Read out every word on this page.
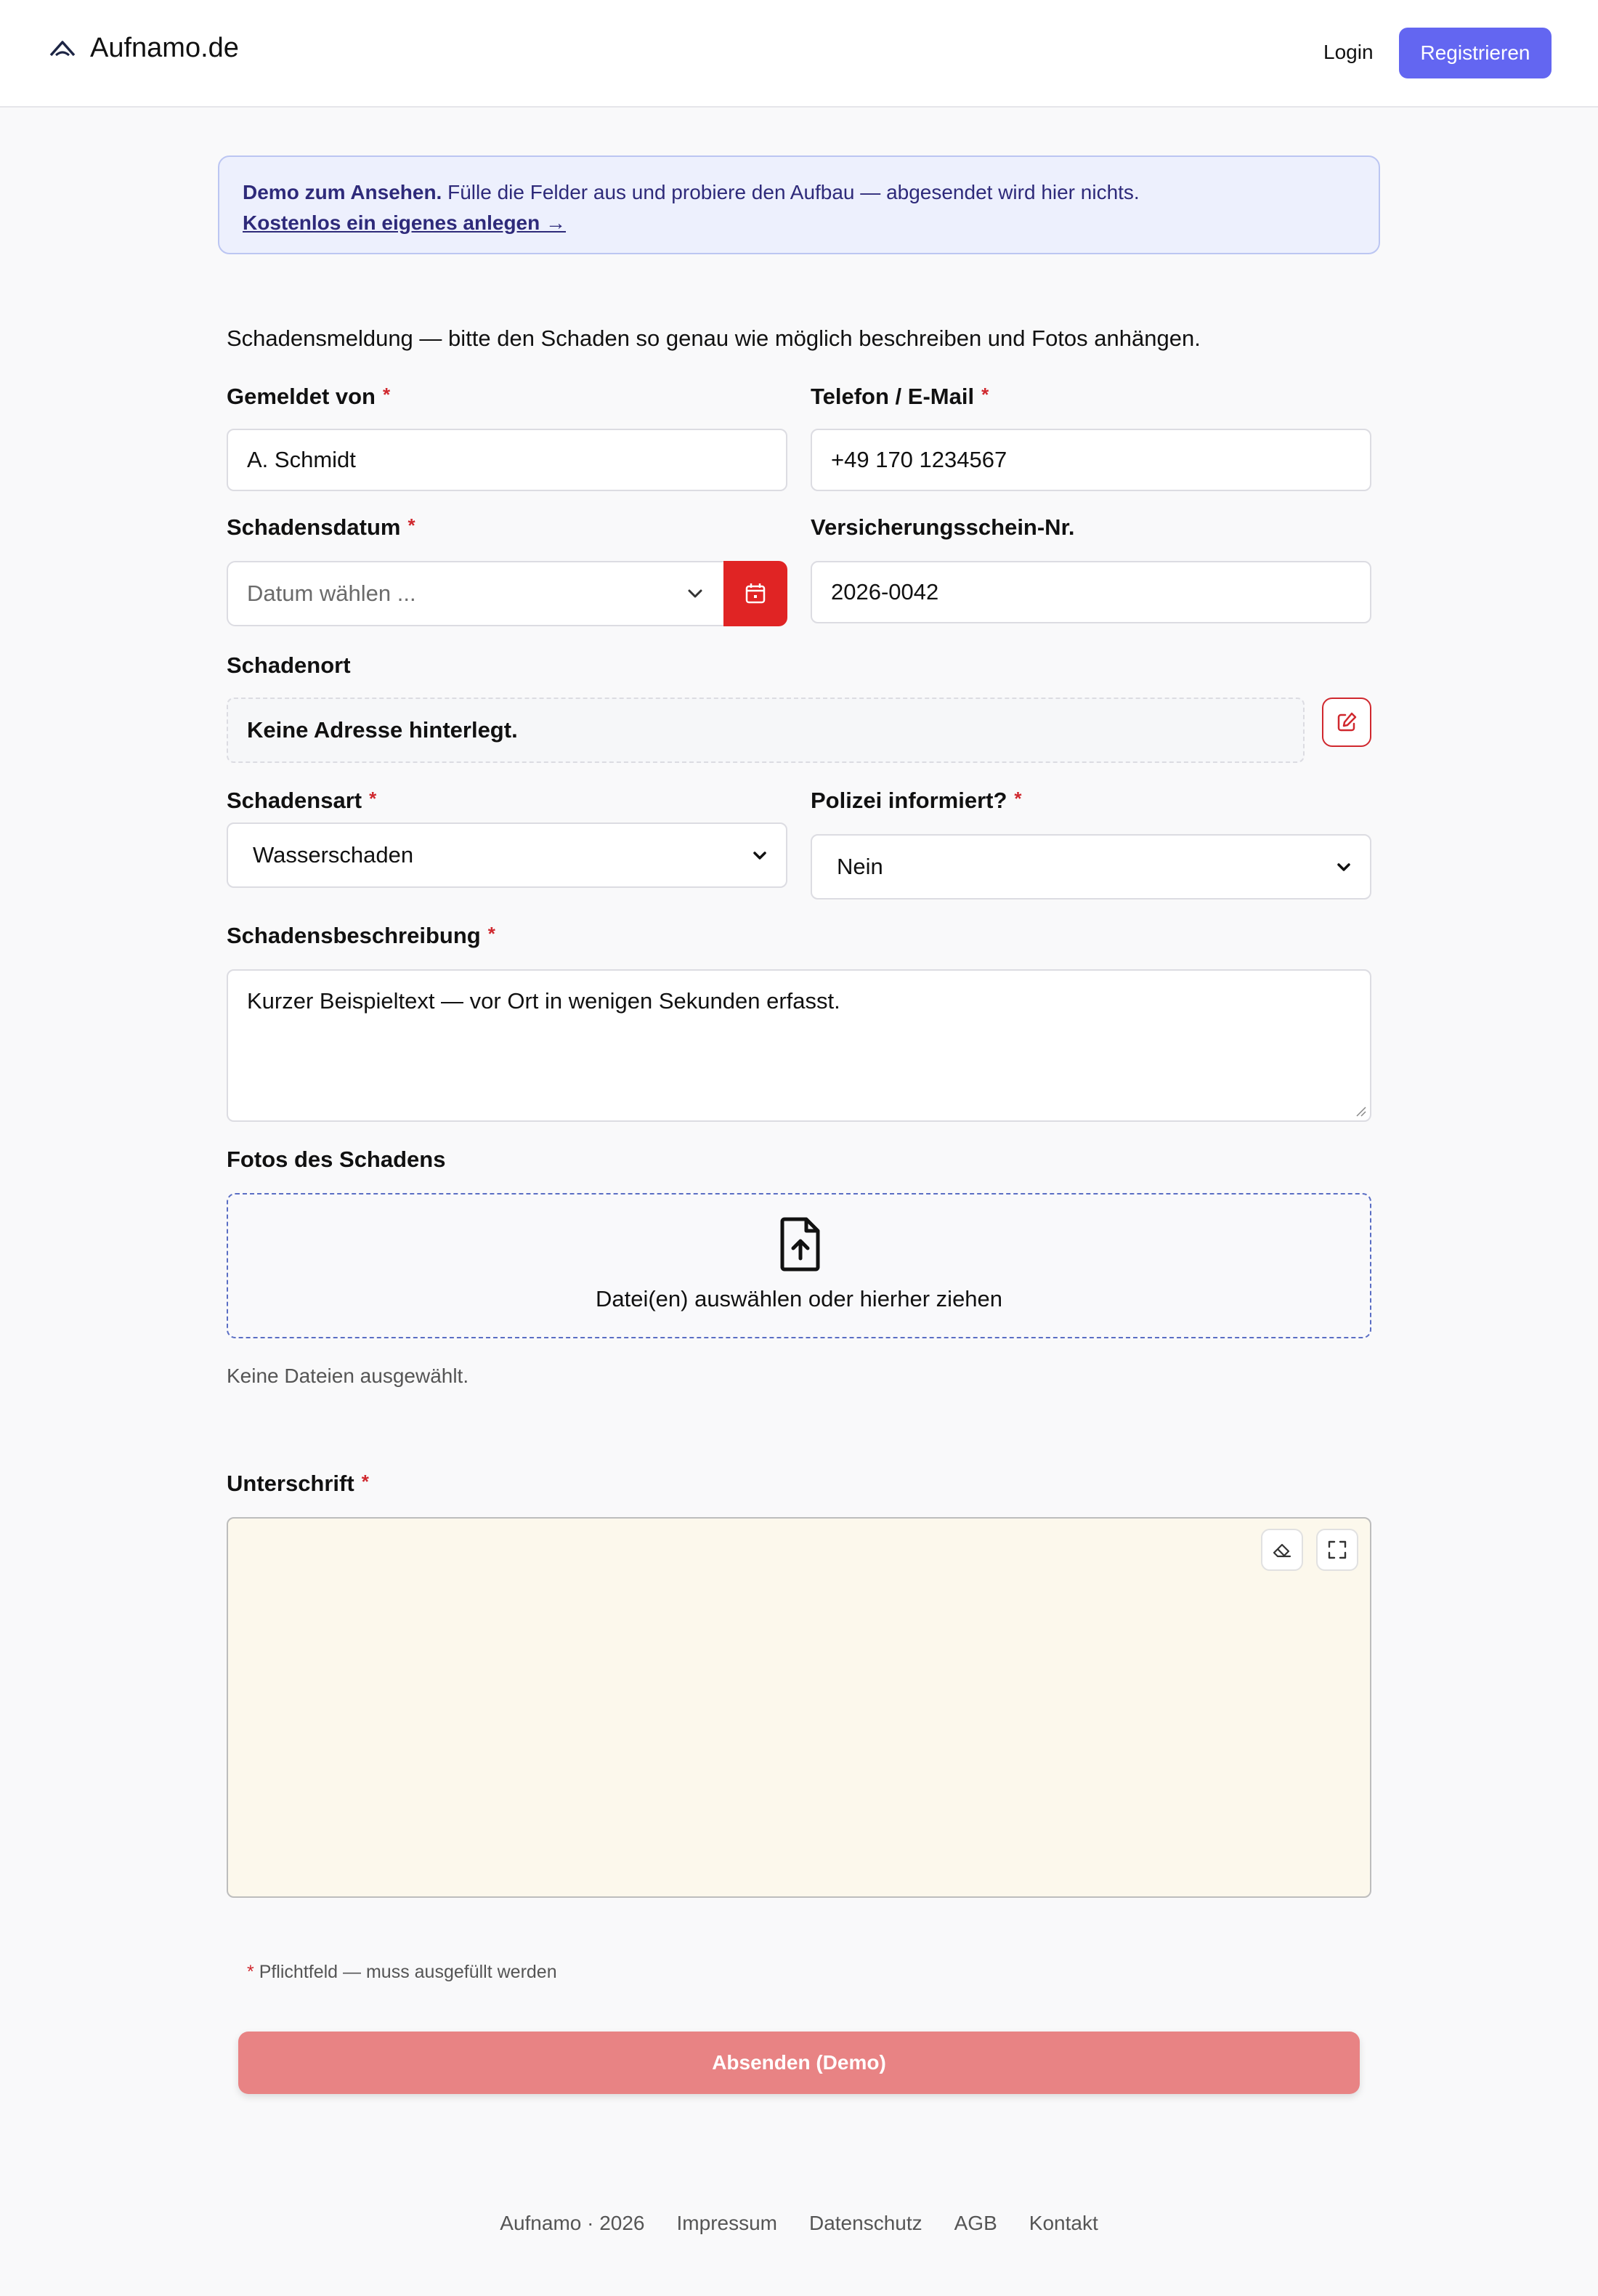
Aufnamo.de	Login	Registrieren
Demo zum Ansehen. Fülle die Felder aus und probiere den Aufbau — abgesendet wird hier nichts.
Kostenlos ein eigenes anlegen →
Schadensmeldung — bitte den Schaden so genau wie möglich beschreiben und Fotos anhängen.
Gemeldet von *
A. Schmidt
Telefon / E-Mail *
+49 170 1234567
Schadensdatum *
Datum wählen ...
Versicherungsschein-Nr.
2026-0042
Schadenort
Keine Adresse hinterlegt.
Schadensart *
Wasserschaden
Polizei informiert? *
Nein
Schadensbeschreibung *
Kurzer Beispieltext — vor Ort in wenigen Sekunden erfasst.
Fotos des Schadens
Datei(en) auswählen oder hierher ziehen
Keine Dateien ausgewählt.
Unterschrift *
* Pflichtfeld — muss ausgefüllt werden
Absenden (Demo)
Aufnamo · 2026 Impressum Datenschutz AGB Kontakt
